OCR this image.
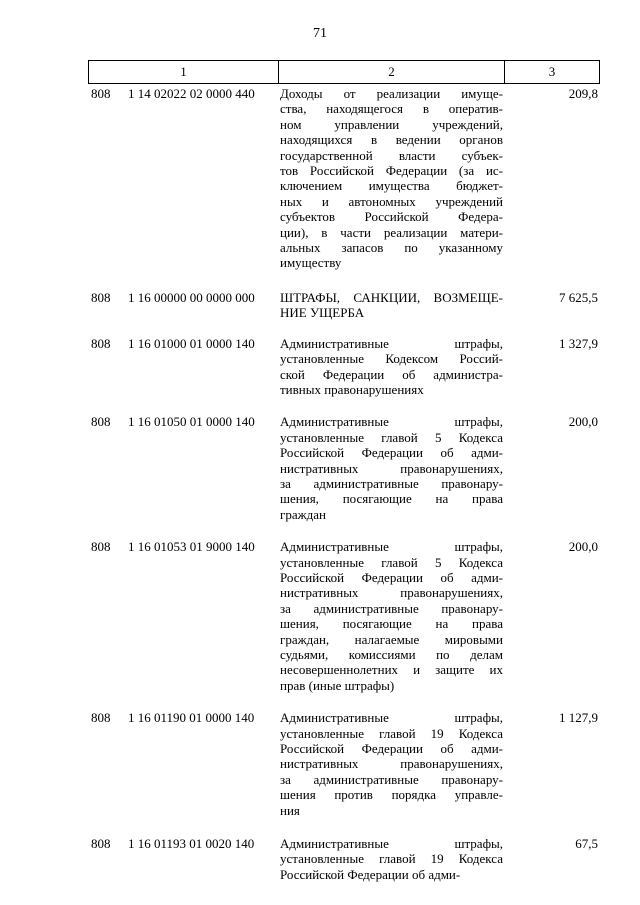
71
1	2	3
808 1 14 02022 02 0000 440 Доходы от реализации имуще-
ства, находящегося в оператив-
ном управлении учреждений,
находящихся в ведении органов
государственной власти субъек-
тов Российской Федерации (за ис-
ключением имущества бюджет-
ных и автономных учреждений
субъектов Российской Федера-
ции), в части реализации матери-
альных запасов по указанному
имуществу
209,8
808 1 16 00000 00 0000 000 ШТРАФЫ, САНКЦИИ, ВОЗМЕЩЕ-
НИЕ УЩЕРБА
7 625,5
808 1 16 01000 01 0000 140 Административные штрафы,
установленные Кодексом Россий-
ской Федерации об администра-
тивных правонарушениях
1 327,9
808 1 16 01050 01 0000 140 Административные штрафы,
установленные главой 5 Кодекса
Российской Федерации об адми-
нистративных правонарушениях,
за административные правонару-
шения, посягающие на права
граждан
200,0
808 1 16 01053 01 9000 140 Административные штрафы,
установленные главой 5 Кодекса
Российской Федерации об адми-
нистративных правонарушениях,
за административные правонару-
шения, посягающие на права
граждан, налагаемые мировыми
судьями, комиссиями по делам
несовершеннолетних и защите их
прав (иные штрафы)
200,0
808 1 16 01190 01 0000 140 Административные штрафы,
установленные главой 19 Кодекса
Российской Федерации об адми-
нистративных правонарушениях,
за административные правонару-
шения против порядка управле-
ния
1 127,9
808 1 16 01193 01 0020 140 Административные штрафы,
установленные главой 19 Кодекса
Российской Федерации об адми-
67,5
